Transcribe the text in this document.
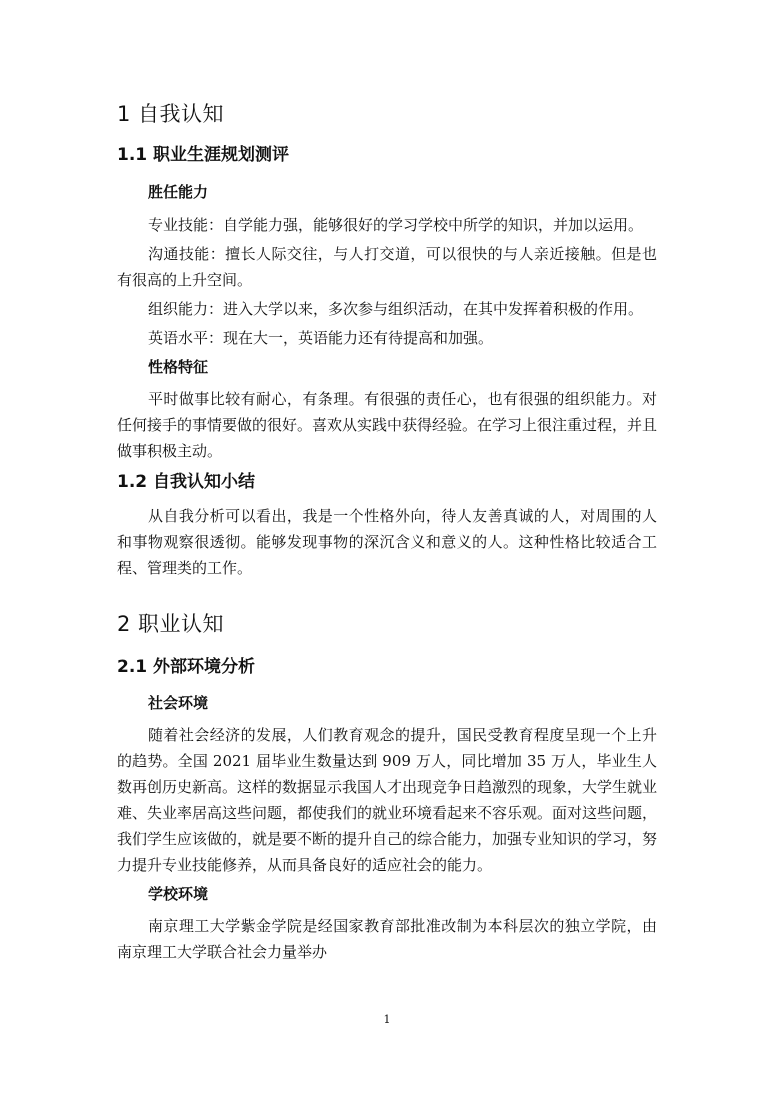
1 自我认知
1.1 职业生涯规划测评
胜任能力

专业技能：自学能力强，能够很好的学习学校中所学的知识，并加以运用。

沟通技能：擅长人际交往，与人打交道，可以很快的与人亲近接触。但是也有很高的上升空间。

组织能力：进入大学以来，多次参与组织活动，在其中发挥着积极的作用。

英语水平：现在大一，英语能力还有待提高和加强。

性格特征

平时做事比较有耐心，有条理。有很强的责任心，也有很强的组织能力。对任何接手的事情要做的很好。喜欢从实践中获得经验。在学习上很注重过程，并且做事积极主动。

1.2 自我认知小结

从自我分析可以看出，我是一个性格外向，待人友善真诚的人，对周围的人和事物观察很透彻。能够发现事物的深沉含义和意义的人。这种性格比较适合工程、管理类的工作。

2 职业认知
2.1 外部环境分析
社会环境

随着社会经济的发展，人们教育观念的提升，国民受教育程度呈现一个上升的趋势。全国 2021 届毕业生数量达到 909 万人，同比增加 35 万人，毕业生人数再创历史新高。这样的数据显示我国人才出现竞争日趋激烈的现象，大学生就业难、失业率居高这些问题，都使我们的就业环境看起来不容乐观。面对这些问题，我们学生应该做的，就是要不断的提升自己的综合能力，加强专业知识的学习，努力提升专业技能修养，从而具备良好的适应社会的能力。

学校环境

南京理工大学紫金学院是经国家教育部批准改制为本科层次的独立学院，由南京理工大学联合社会力量举办

1
